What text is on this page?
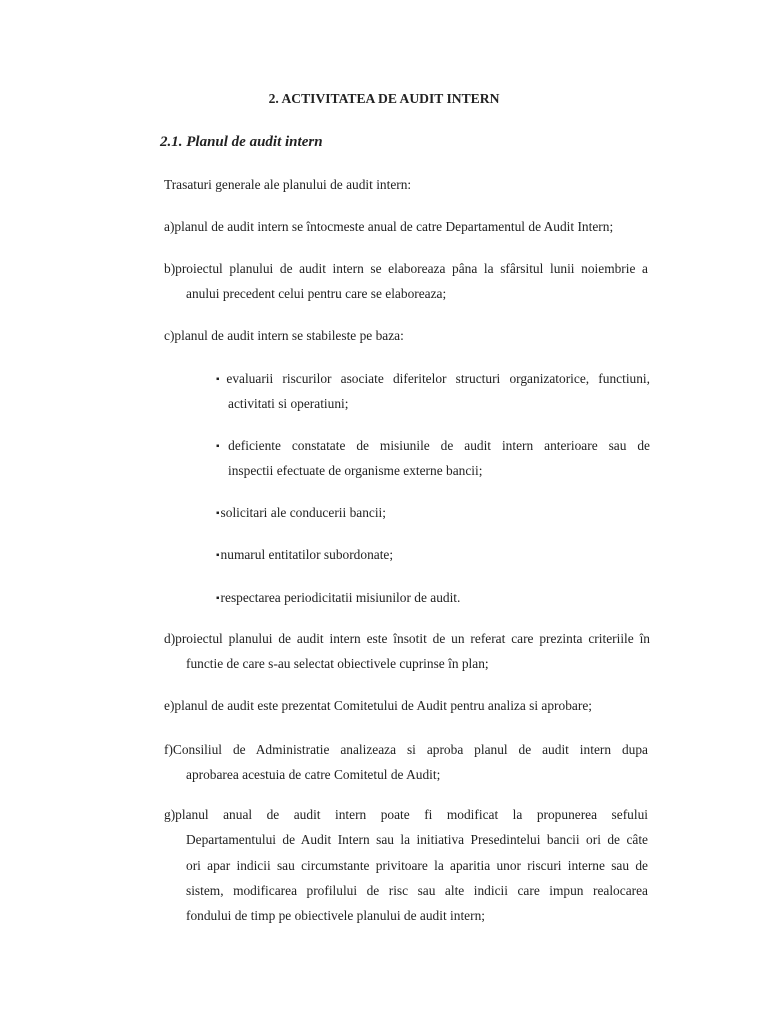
2. ACTIVITATEA DE AUDIT INTERN

2.1. Planul de audit intern

Trasaturi generale ale planului de audit intern:

a)planul de audit intern se întocmeste anual de catre Departamentul de Audit Intern;

b)proiectul planului de audit intern se elaboreaza pâna la sfârsitul lunii noiembrie a

anului precedent celui pentru care se elaboreaza;

c)planul de audit intern se stabileste pe baza:

▪ evaluarii riscurilor asociate diferitelor structuri organizatorice, functiuni,

activitati si operatiuni;

▪ deficiente constatate de misiunile de audit intern anterioare sau de

inspectii efectuate de organisme externe bancii;

▪ solicitari ale conducerii bancii;

▪ numarul entitatilor subordonate;

▪ respectarea periodicitatii misiunilor de audit.

d)proiectul planului de audit intern este însotit de un referat care prezinta criteriile în

functie de care s-au selectat obiectivele cuprinse în plan;

e)planul de audit este prezentat Comitetului de Audit pentru analiza si aprobare;

f)Consiliul de Administratie analizeaza si aproba planul de audit intern dupa

aprobarea acestuia de catre Comitetul de Audit;

g)planul anual de audit intern poate fi modificat la propunerea sefului

Departamentului de Audit Intern sau la initiativa Presedintelui bancii ori de câte

ori apar indicii sau circumstante privitoare la aparitia unor riscuri interne sau de

sistem, modificarea profilului de risc sau alte indicii care impun realocarea

fondului de timp pe obiectivele planului de audit intern;
